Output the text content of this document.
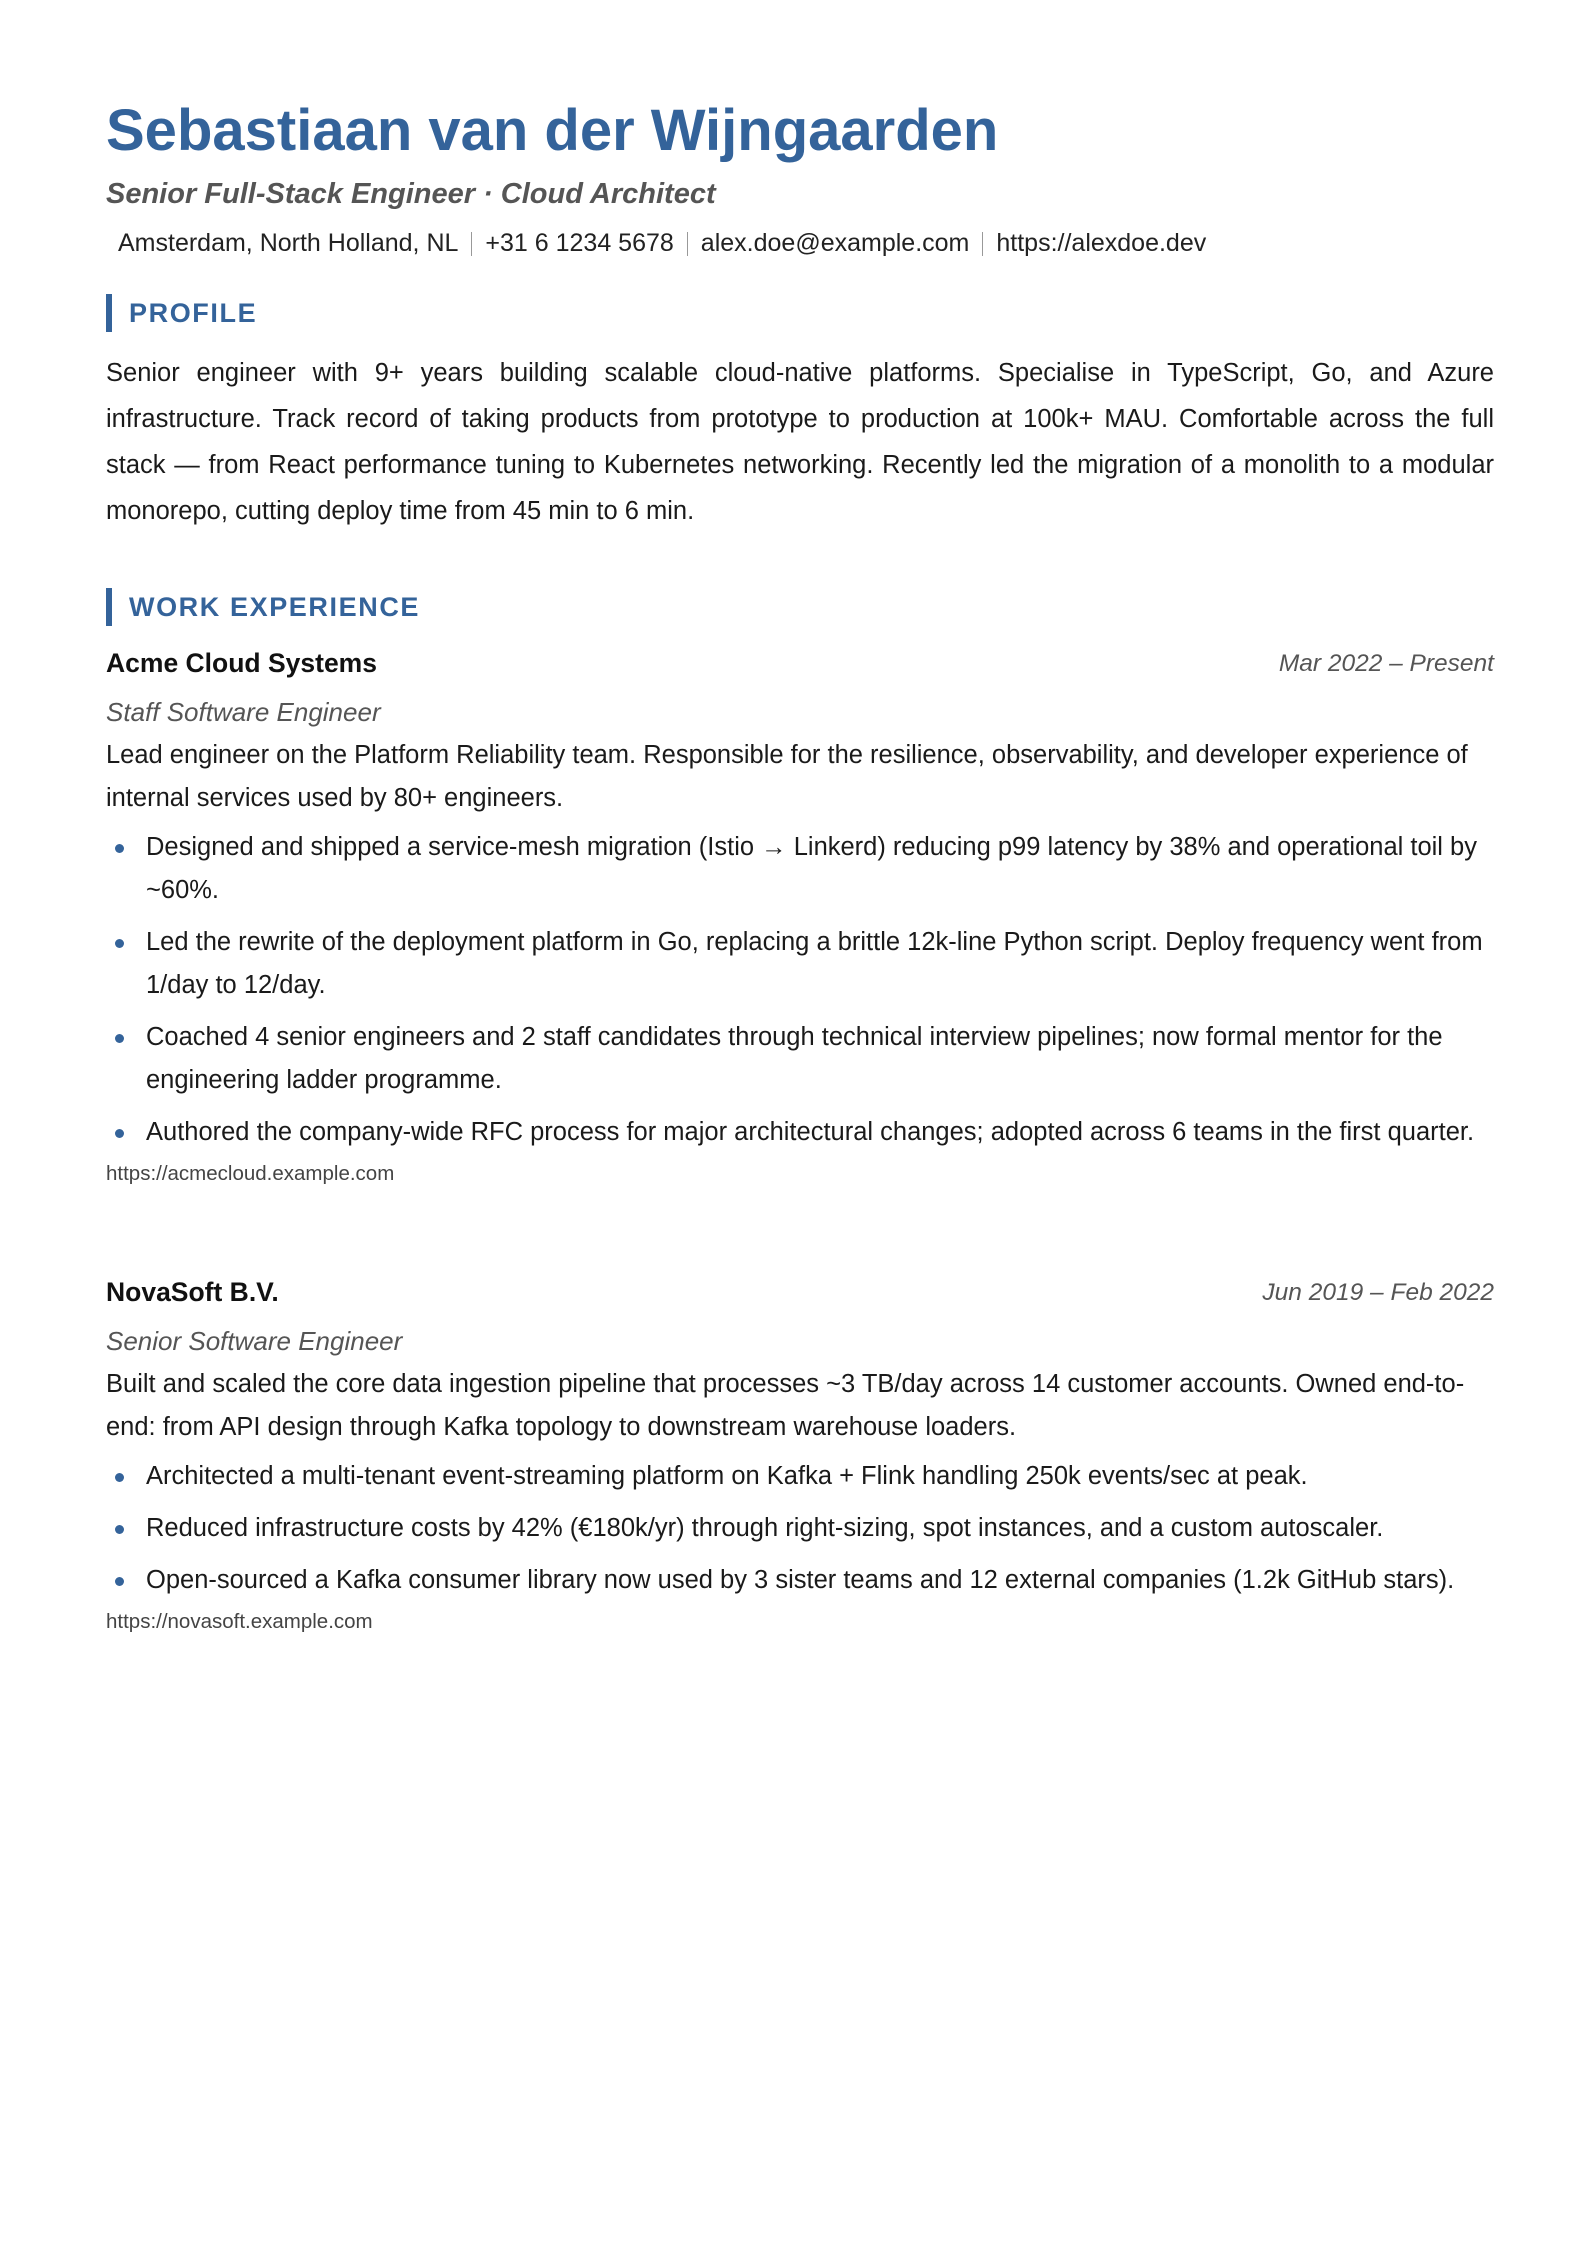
Sebastiaan van der Wijngaarden
Senior Full-Stack Engineer · Cloud Architect
Amsterdam, North Holland, NL +31 6 1234 5678 alex.doe@example.com https://alexdoe.dev
PROFILE
Senior engineer with 9+ years building scalable cloud-native platforms. Specialise in TypeScript, Go, and Azure infrastructure. Track record of taking products from prototype to production at 100k+ MAU. Comfortable across the full stack — from React performance tuning to Kubernetes networking. Recently led the migration of a monolith to a modular monorepo, cutting deploy time from 45 min to 6 min.
WORK EXPERIENCE
Acme Cloud Systems	Mar 2022 – Present
Staff Software Engineer
Lead engineer on the Platform Reliability team. Responsible for the resilience, observability, and developer experience of internal services used by 80+ engineers.
Designed and shipped a service-mesh migration (Istio → Linkerd) reducing p99 latency by 38% and operational toil by ~60%.
Led the rewrite of the deployment platform in Go, replacing a brittle 12k-line Python script. Deploy frequency went from 1/day to 12/day.
Coached 4 senior engineers and 2 staff candidates through technical interview pipelines; now formal mentor for the engineering ladder programme.
Authored the company-wide RFC process for major architectural changes; adopted across 6 teams in the first quarter.
https://acmecloud.example.com
NovaSoft B.V.	Jun 2019 – Feb 2022
Senior Software Engineer
Built and scaled the core data ingestion pipeline that processes ~3 TB/day across 14 customer accounts. Owned end-to-end: from API design through Kafka topology to downstream warehouse loaders.
Architected a multi-tenant event-streaming platform on Kafka + Flink handling 250k events/sec at peak.
Reduced infrastructure costs by 42% (€180k/yr) through right-sizing, spot instances, and a custom autoscaler.
Open-sourced a Kafka consumer library now used by 3 sister teams and 12 external companies (1.2k GitHub stars).
https://novasoft.example.com
